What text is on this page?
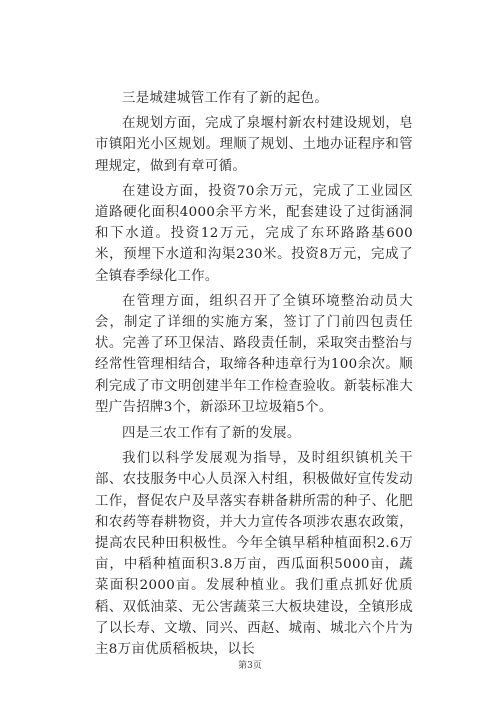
三是城建城管工作有了新的起色。

在规划方面，完成了泉堰村新农村建设规划，皂市镇阳光小区规划。理顺了规划、土地办证程序和管理规定，做到有章可循。

在建设方面，投资70余万元，完成了工业园区道路硬化面积4000余平方米，配套建设了过街涵洞和下水道。投资12万元，完成了东环路路基600米，预埋下水道和沟渠230米。投资8万元，完成了全镇春季绿化工作。

在管理方面，组织召开了全镇环境整治动员大会，制定了详细的实施方案，签订了门前四包责任状。完善了环卫保洁、路段责任制，采取突击整治与经常性管理相结合，取缔各种违章行为100余次。顺利完成了市文明创建半年工作检查验收。新装标准大型广告招牌3个，新添环卫垃圾箱5个。

四是三农工作有了新的发展。

我们以科学发展观为指导，及时组织镇机关干部、农技服务中心人员深入村组，积极做好宣传发动工作，督促农户及早落实春耕备耕所需的种子、化肥和农药等春耕物资，并大力宣传各项涉农惠农政策，提高农民种田积极性。今年全镇早稻种植面积2.6万亩，中稻种植面积3.8万亩，西瓜面积5000亩，蔬菜面积2000亩。发展种植业。我们重点抓好优质稻、双低油菜、无公害蔬菜三大板块建设，全镇形成了以长寿、文墩、同兴、西赵、城南、城北六个片为主8万亩优质稻板块，以长

第3页
